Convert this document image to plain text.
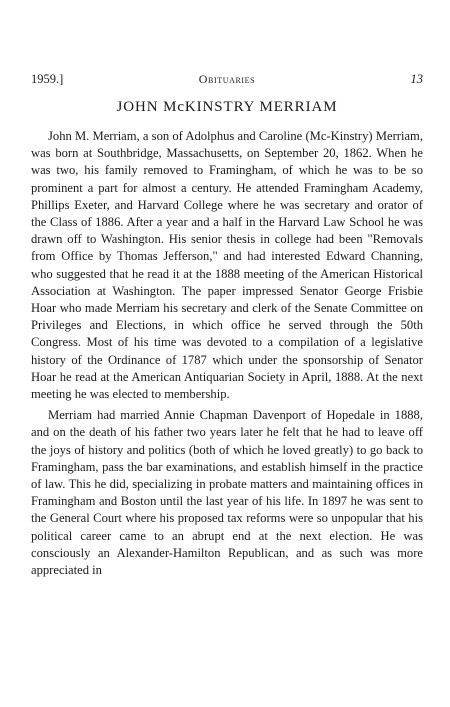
1959.]	Obituaries	13
JOHN McKINSTRY MERRIAM

John M. Merriam, a son of Adolphus and Caroline (Mc-Kinstry) Merriam, was born at Southbridge, Massachusetts, on September 20, 1862. When he was two, his family removed to Framingham, of which he was to be so prominent a part for almost a century. He attended Framingham Academy, Phillips Exeter, and Harvard College where he was secretary and orator of the Class of 1886. After a year and a half in the Harvard Law School he was drawn off to Washington. His senior thesis in college had been "Removals from Office by Thomas Jefferson," and had interested Edward Channing, who suggested that he read it at the 1888 meeting of the American Historical Association at Washington. The paper impressed Senator George Frisbie Hoar who made Merriam his secretary and clerk of the Senate Committee on Privileges and Elections, in which office he served through the 50th Congress. Most of his time was devoted to a compilation of a legislative history of the Ordinance of 1787 which under the sponsorship of Senator Hoar he read at the American Antiquarian Society in April, 1888. At the next meeting he was elected to membership.

Merriam had married Annie Chapman Davenport of Hopedale in 1888, and on the death of his father two years later he felt that he had to leave off the joys of history and politics (both of which he loved greatly) to go back to Framingham, pass the bar examinations, and establish himself in the practice of law. This he did, specializing in probate matters and maintaining offices in Framingham and Boston until the last year of his life. In 1897 he was sent to the General Court where his proposed tax reforms were so unpopular that his political career came to an abrupt end at the next election. He was consciously an Alexander-Hamilton Republican, and as such was more appreciated in
